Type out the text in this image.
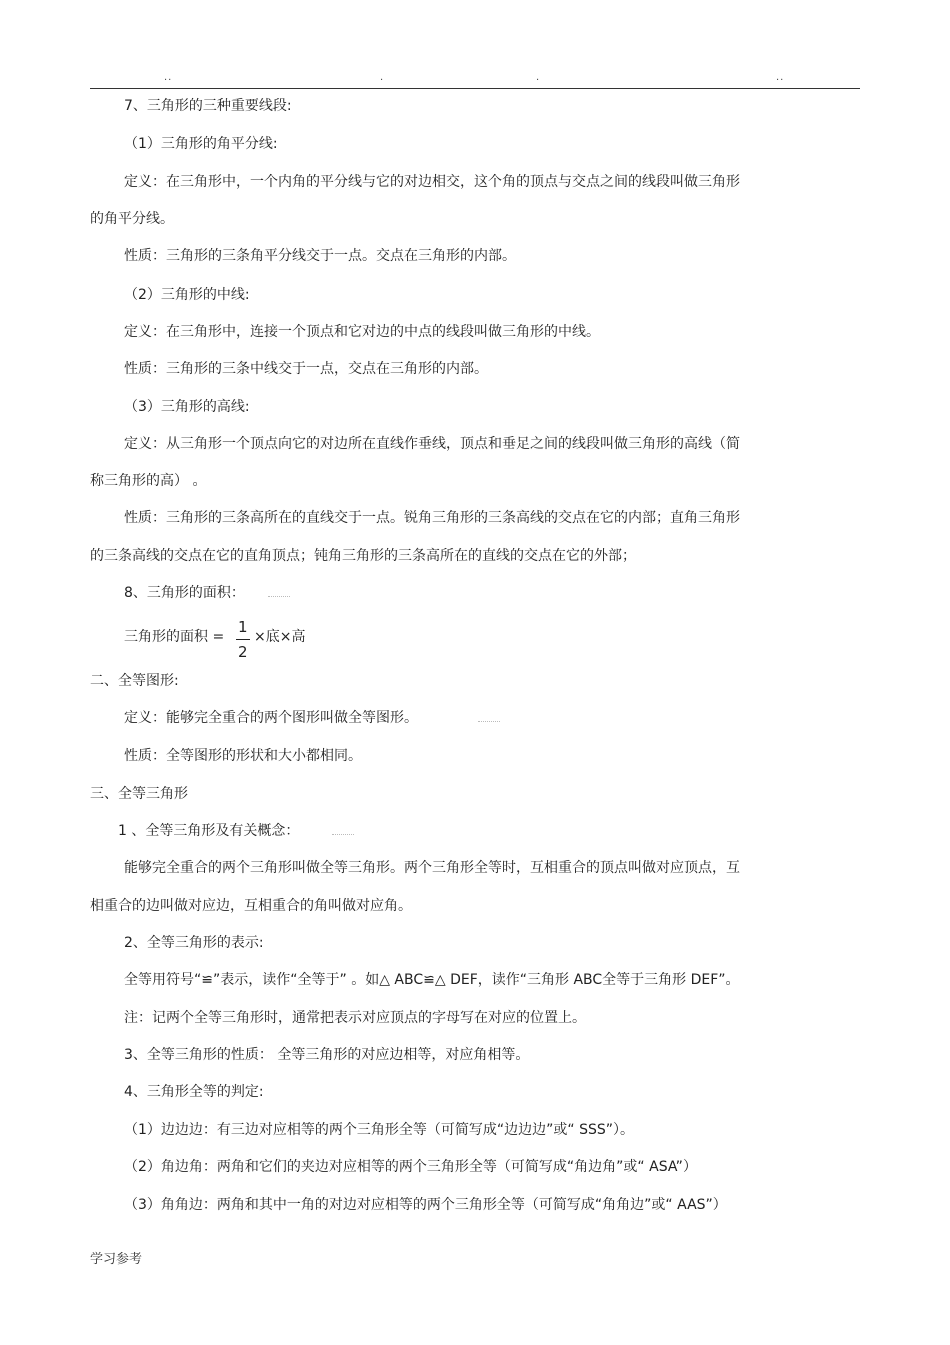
..	.	.	..
7、三角形的三种重要线段:
（1）三角形的角平分线:
定义：在三角形中，一个内角的平分线与它的对边相交，这个角的顶点与交点之间的线段叫做三角形
的角平分线。
性质：三角形的三条角平分线交于一点。交点在三角形的内部。
（2）三角形的中线:
定义：在三角形中，连接一个顶点和它对边的中点的线段叫做三角形的中线。
性质：三角形的三条中线交于一点，交点在三角形的内部。
（3）三角形的高线:
定义：从三角形一个顶点向它的对边所在直线作垂线，顶点和垂足之间的线段叫做三角形的高线（简
称三角形的高） 。
性质：三角形的三条高所在的直线交于一点。锐角三角形的三条高线的交点在它的内部；直角三角形
的三条高线的交点在它的直角顶点；钝角三角形的三条高所在的直线的交点在它的外部；
8、三角形的面积：
三角形的面积 =
1
2
×底×高
二、全等图形:
定义：能够完全重合的两个图形叫做全等图形。
性质：全等图形的形状和大小都相同。
三、全等三角形
1 、全等三角形及有关概念：
能够完全重合的两个三角形叫做全等三角形。两个三角形全等时，互相重合的顶点叫做对应顶点，互
相重合的边叫做对应边，互相重合的角叫做对应角。
2、全等三角形的表示:
全等用符号“≌”表示，读作“全等于” 。如△ ABC≌△ DEF，读作“三角形 ABC全等于三角形 DEF”。
注：记两个全等三角形时，通常把表示对应顶点的字母写在对应的位置上。
3、全等三角形的性质： 全等三角形的对应边相等，对应角相等。
4、三角形全等的判定:
（1）边边边：有三边对应相等的两个三角形全等（可简写成“边边边”或“ SSS”）。
（2）角边角：两角和它们的夹边对应相等的两个三角形全等（可简写成“角边角”或“ ASA”）
（3）角角边：两角和其中一角的对边对应相等的两个三角形全等（可简写成“角角边”或“ AAS”）
学习参考
